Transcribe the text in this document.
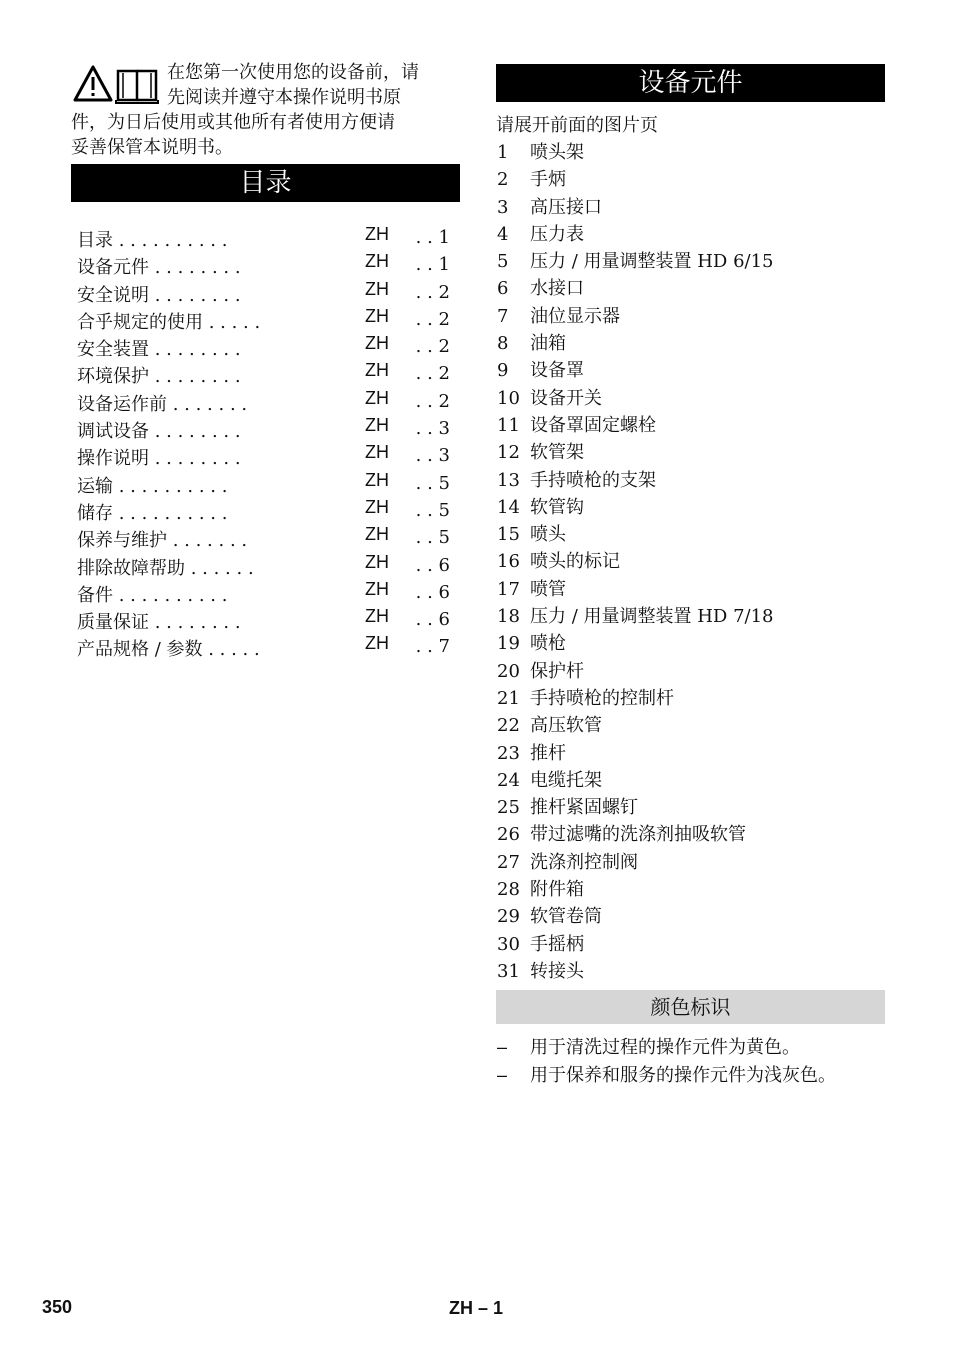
在您第一次使用您的设备前，请
先阅读并遵守本操作说明书原
件，为日后使用或其他所有者使用方便请
妥善保管本说明书。
目录
目录 . . . . . . . . . .	ZH . . 1
设备元件 . . . . . . . .	ZH . . 1
安全说明 . . . . . . . .	ZH . . 2
合乎规定的使用 . . . . .	ZH . . 2
安全装置 . . . . . . . .	ZH . . 2
环境保护 . . . . . . . .	ZH . . 2
设备运作前 . . . . . . .	ZH . . 2
调试设备 . . . . . . . .	ZH . . 3
操作说明 . . . . . . . .	ZH . . 3
运输 . . . . . . . . . .	ZH . . 5
储存 . . . . . . . . . .	ZH . . 5
保养与维护 . . . . . . .	ZH . . 5
排除故障帮助 . . . . . .	ZH . . 6
备件 . . . . . . . . . .	ZH . . 6
质量保证 . . . . . . . .	ZH . . 6
产品规格 / 参数 . . . . .	ZH . . 7
设备元件
请展开前面的图片页
1 喷头架
2 手炳
3 高压接口
4 压力表
5 压力 / 用量调整装置 HD 6/15
6 水接口
7 油位显示器
8 油箱
9 设备罩
10 设备开关
11 设备罩固定螺栓
12 软管架
13 手持喷枪的支架
14 软管钩
15 喷头
16 喷头的标记
17 喷管
18 压力 / 用量调整装置 HD 7/18
19 喷枪
20 保护杆
21 手持喷枪的控制杆
22 高压软管
23 推杆
24 电缆托架
25 推杆紧固螺钉
26 带过滤嘴的洗涤剂抽吸软管
27 洗涤剂控制阀
28 附件箱
29 软管卷筒
30 手摇柄
31 转接头
颜色标识
– 用于清洗过程的操作元件为黄色。
– 用于保养和服务的操作元件为浅灰色。
350	ZH – 1
